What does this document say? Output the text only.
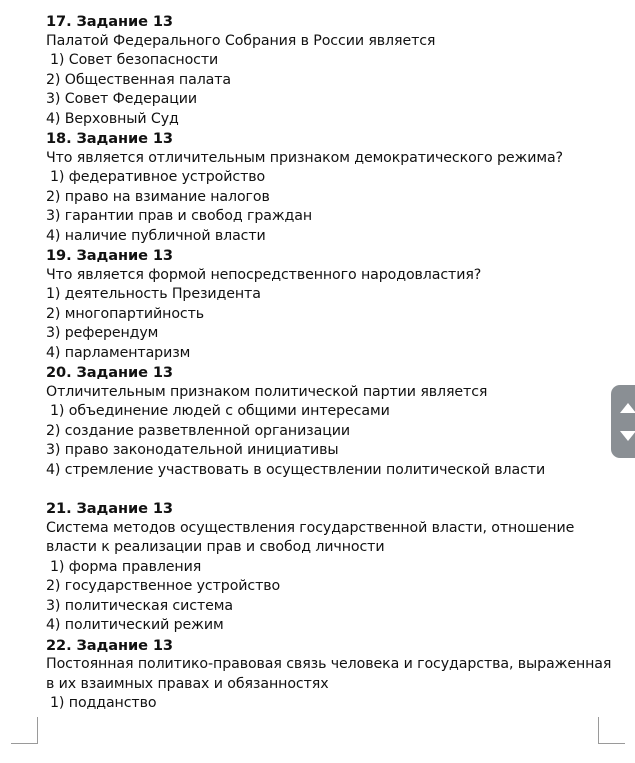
17. Задание 13
Палатой Федерального Собрания в России является
1) Совет безопасности
2) Общественная палата
3) Совет Федерации
4) Верховный Суд
18. Задание 13
Что является отличительным признаком демократического режима?
1) федеративное устройство
2) право на взимание налогов
3) гарантии прав и свобод граждан
4) наличие публичной власти
19. Задание 13
Что является формой непосредственного народовластия?
1) деятельность Президента
2) многопартийность
3) референдум
4) парламентаризм
20. Задание 13
Отличительным признаком политической партии является
1) объединение людей с общими интересами
2) создание разветвленной организации
3) право законодательной инициативы
4) стремление участвовать в осуществлении политической власти
21. Задание 13
Система методов осуществления государственной власти, отношение власти к реализации прав и свобод личности
1) форма правления
2) государственное устройство
3) политическая система
4) политический режим
22. Задание 13
Постоянная политико-правовая связь человека и государства, выраженная в их взаимных правах и обязанностях
1) подданство
